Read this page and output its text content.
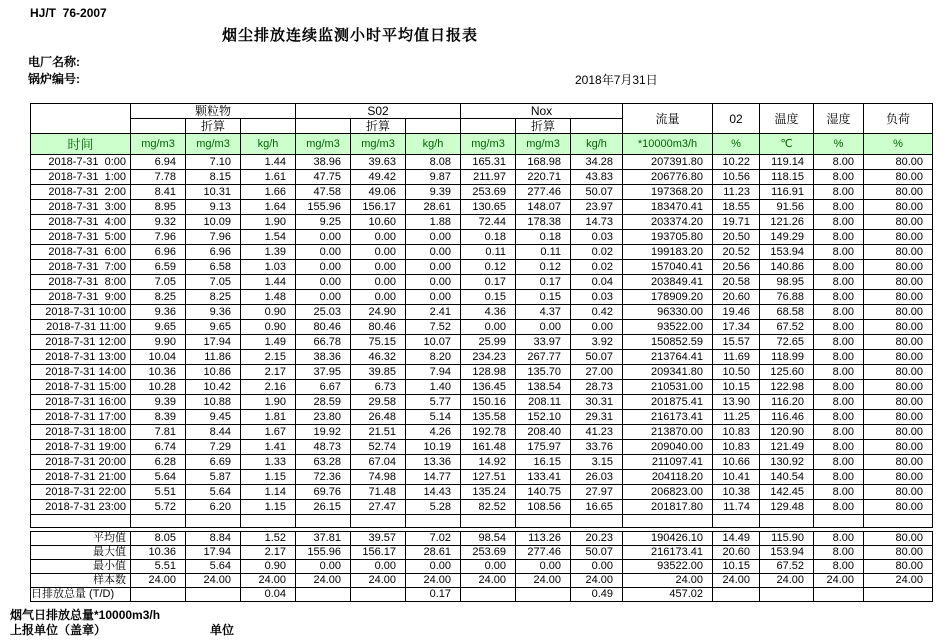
HJ/T  76-2007
烟尘排放连续监测小时平均值日报表
电厂名称:
锅炉编号:	2018年7月31日
	颗粒物			S02			Nox			流量	02	温度	湿度	负荷
		折算			折算			折算						
时间	mg/m3	mg/m3	kg/h	mg/m3	mg/m3	kg/h	mg/m3	mg/m3	kg/h	*10000m3/h	%	℃	%	%
2018-7-31  0:00	6.94	7.10	1.44	38.96	39.63	8.08	165.31	168.98	34.28	207391.80	10.22	119.14	8.00	80.00
2018-7-31  1:00	7.78	8.15	1.61	47.75	49.42	9.87	211.97	220.71	43.83	206776.80	10.56	118.15	8.00	80.00
2018-7-31  2:00	8.41	10.31	1.66	47.58	49.06	9.39	253.69	277.46	50.07	197368.20	11.23	116.91	8.00	80.00
2018-7-31  3:00	8.95	9.13	1.64	155.96	156.17	28.61	130.65	148.07	23.97	183470.41	18.55	91.56	8.00	80.00
2018-7-31  4:00	9.32	10.09	1.90	9.25	10.60	1.88	72.44	178.38	14.73	203374.20	19.71	121.26	8.00	80.00
2018-7-31  5:00	7.96	7.96	1.54	0.00	0.00	0.00	0.18	0.18	0.03	193705.80	20.50	149.29	8.00	80.00
2018-7-31  6:00	6.96	6.96	1.39	0.00	0.00	0.00	0.11	0.11	0.02	199183.20	20.52	153.94	8.00	80.00
2018-7-31  7:00	6.59	6.58	1.03	0.00	0.00	0.00	0.12	0.12	0.02	157040.41	20.56	140.86	8.00	80.00
2018-7-31  8:00	7.05	7.05	1.44	0.00	0.00	0.00	0.17	0.17	0.04	203849.41	20.58	98.95	8.00	80.00
2018-7-31  9:00	8.25	8.25	1.48	0.00	0.00	0.00	0.15	0.15	0.03	178909.20	20.60	76.88	8.00	80.00
2018-7-31 10:00	9.36	9.36	0.90	25.03	24.90	2.41	4.36	4.37	0.42	96330.00	19.46	68.58	8.00	80.00
2018-7-31 11:00	9.65	9.65	0.90	80.46	80.46	7.52	0.00	0.00	0.00	93522.00	17.34	67.52	8.00	80.00
2018-7-31 12:00	9.90	17.94	1.49	66.78	75.15	10.07	25.99	33.97	3.92	150852.59	15.57	72.65	8.00	80.00
2018-7-31 13:00	10.04	11.86	2.15	38.36	46.32	8.20	234.23	267.77	50.07	213764.41	11.69	118.99	8.00	80.00
2018-7-31 14:00	10.36	10.86	2.17	37.95	39.85	7.94	128.98	135.70	27.00	209341.80	10.50	125.60	8.00	80.00
2018-7-31 15:00	10.28	10.42	2.16	6.67	6.73	1.40	136.45	138.54	28.73	210531.00	10.15	122.98	8.00	80.00
2018-7-31 16:00	9.39	10.88	1.90	28.59	29.58	5.77	150.16	208.11	30.31	201875.41	13.90	116.20	8.00	80.00
2018-7-31 17:00	8.39	9.45	1.81	23.80	26.48	5.14	135.58	152.10	29.31	216173.41	11.25	116.46	8.00	80.00
2018-7-31 18:00	7.81	8.44	1.67	19.92	21.51	4.26	192.78	208.40	41.23	213870.00	10.83	120.90	8.00	80.00
2018-7-31 19:00	6.74	7.29	1.41	48.73	52.74	10.19	161.48	175.97	33.76	209040.00	10.83	121.49	8.00	80.00
2018-7-31 20:00	6.28	6.69	1.33	63.28	67.04	13.36	14.92	16.15	3.15	211097.41	10.66	130.92	8.00	80.00
2018-7-31 21:00	5.64	5.87	1.15	72.36	74.98	14.77	127.51	133.41	26.03	204118.20	10.41	140.54	8.00	80.00
2018-7-31 22:00	5.51	5.64	1.14	69.76	71.48	14.43	135.24	140.75	27.97	206823.00	10.38	142.45	8.00	80.00
2018-7-31 23:00	5.72	6.20	1.15	26.15	27.47	5.28	82.52	108.56	16.65	201817.80	11.74	129.48	8.00	80.00

平均值	8.05	8.84	1.52	37.81	39.57	7.02	98.54	113.26	20.23	190426.10	14.49	115.90	8.00	80.00
最大值	10.36	17.94	2.17	155.96	156.17	28.61	253.69	277.46	50.07	216173.41	20.60	153.94	8.00	80.00
最小值	5.51	5.64	0.90	0.00	0.00	0.00	0.00	0.00	0.00	93522.00	10.15	67.52	8.00	80.00
样本数	24.00	24.00	24.00	24.00	24.00	24.00	24.00	24.00	24.00	24.00	24.00	24.00	24.00	24.00
日排放总量 (T/D)			0.04			0.17			0.49	457.02				
烟气日排放总量*10000m3/h
上报单位（盖章）	单位
